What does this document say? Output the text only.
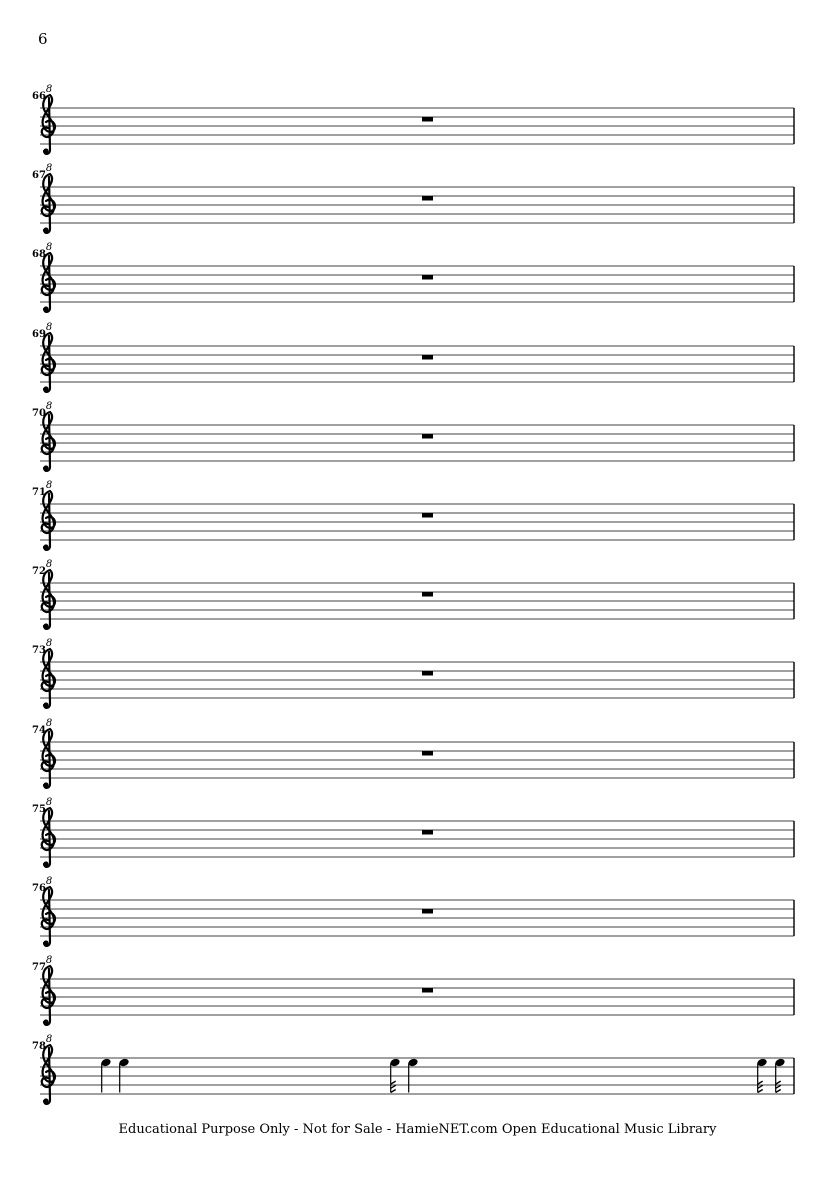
6
66
8
67
8
68
8
69
8
70
8
71
8
72
8
73
8
74
8
75
8
76
8
77
8
78
8
Educational Purpose Only - Not for Sale - HamieNET.com Open Educational Music Library
